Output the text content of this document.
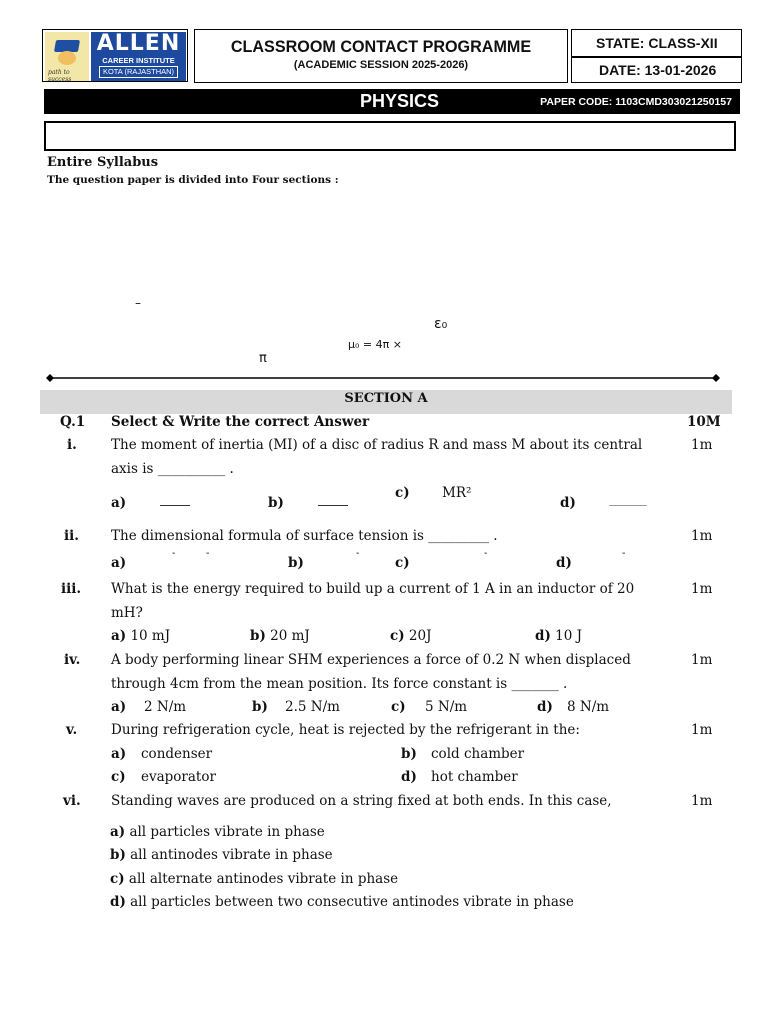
path to success
ALLEN
CAREER INSTITUTE
KOTA (RAJASTHAN)
CLASSROOM CONTACT PROGRAMME
(ACADEMIC SESSION 2025-2026)
STATE: CLASS-XII
DATE: 13-01-2026
PHYSICS	PAPER CODE: 1103CMD303021250157
Entire Syllabus
The question paper is divided into Four sections :
–
ε₀
μ₀ = 4π ×
π
SECTION A
Q.1 Select & Write the correct Answer	10M
i.	The moment of inertia (MI) of a disc of radius R and mass M about its central
axis is __________ .
1m
a)	b)
c) MR²
d)
ii. The dimensional formula of surface tension is _________ .	1m
a)
-	-
b)
-
c)
-
d)
-
iii. What is the energy required to build up a current of 1 A in an inductor of 20
mH?
1m
a) 10 mJ	b) 20 mJ	c) 20J	d) 10 J
iv. A body performing linear SHM experiences a force of 0.2 N when displaced
through 4cm from the mean position. Its force constant is _______ .
1m
a) 2 N/m	b) 2.5 N/m	c) 5 N/m	d) 8 N/m
v.	During refrigeration cycle, heat is rejected by the refrigerant in the:	1m
a) condenser	b) cold chamber
c) evaporator	d) hot chamber
vi. Standing waves are produced on a string fixed at both ends. In this case,	1m
a) all particles vibrate in phase
b) all antinodes vibrate in phase
c) all alternate antinodes vibrate in phase
d) all particles between two consecutive antinodes vibrate in phase
